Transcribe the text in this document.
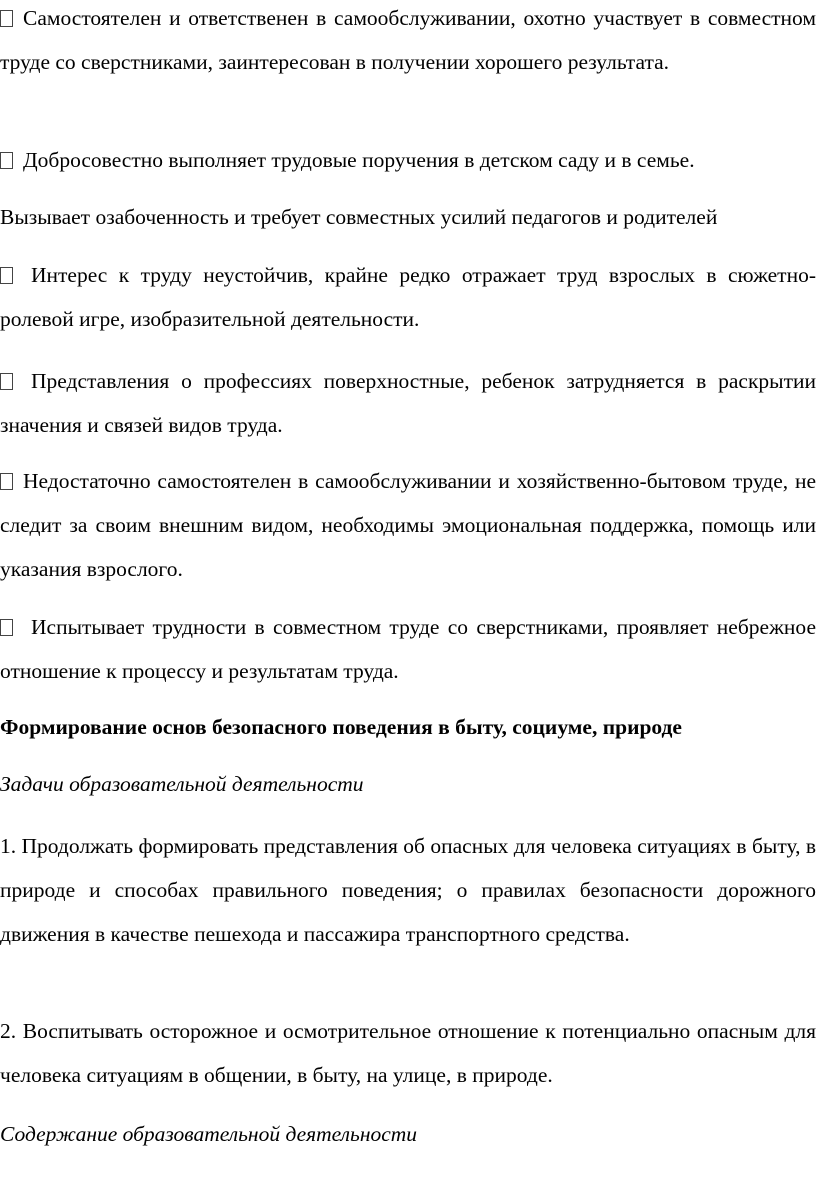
Самостоятелен и ответственен в самообслуживании, охотно участвует в совместном труде со сверстниками, заинтересован в получении хорошего результата.

Добросовестно выполняет трудовые поручения в детском саду и в семье.

Вызывает озабоченность и требует совместных усилий педагогов и родителей

Интерес к труду неустойчив, крайне редко отражает труд взрослых в сюжетно-ролевой игре, изобразительной деятельности.

Представления о профессиях поверхностные, ребенок затрудняется в раскрытии значения и связей видов труда.

Недостаточно самостоятелен в самообслуживании и хозяйственно-бытовом труде, не следит за своим внешним видом, необходимы эмоциональная поддержка, помощь или указания взрослого.

Испытывает трудности в совместном труде со сверстниками, проявляет небрежное отношение к процессу и результатам труда.

Формирование основ безопасного поведения в быту, социуме, природе

Задачи образовательной деятельности

1. Продолжать формировать представления об опасных для человека ситуациях в быту, в природе и способах правильного поведения; о правилах безопасности дорожного движения в качестве пешехода и пассажира транспортного средства.

2. Воспитывать осторожное и осмотрительное отношение к потенциально опасным для человека ситуациям в общении, в быту, на улице, в природе.

Содержание образовательной деятельности
